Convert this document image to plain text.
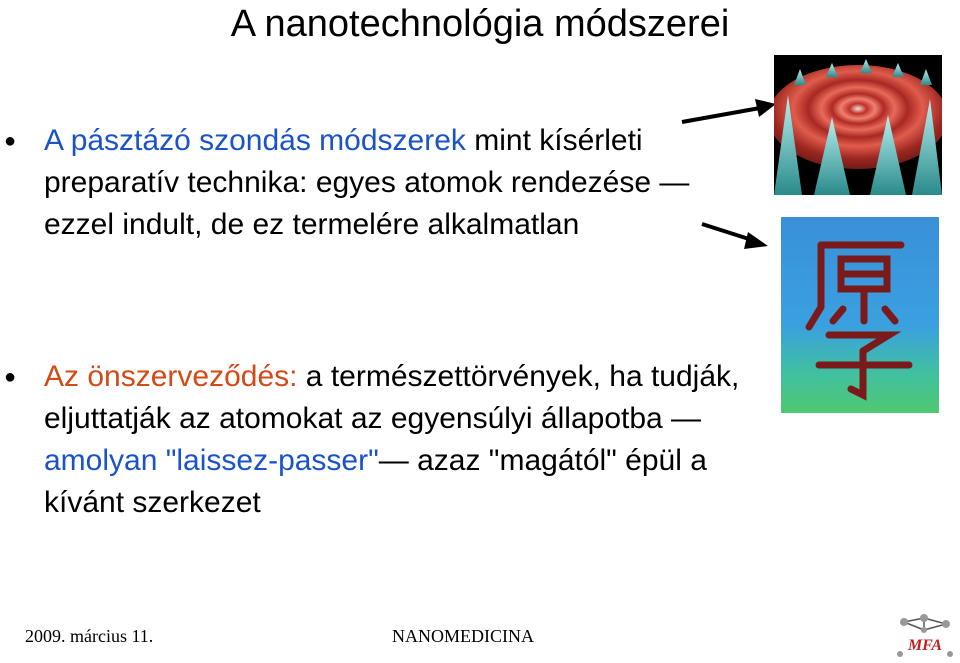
A nanotechnológia módszerei
● A pásztázó szondás módszerek mint kísérleti preparatív technika: egyes atomok rendezése — ezzel indult, de ez termelére alkalmatlan
● Az önszerveződés: a természettörvények, ha tudják, eljuttatják az atomokat az egyensúlyi állapotba — amolyan "laissez-passer"— azaz "magától" épül a kívánt szerkezet
2009. március 11.	NANOMEDICINA	MFA
